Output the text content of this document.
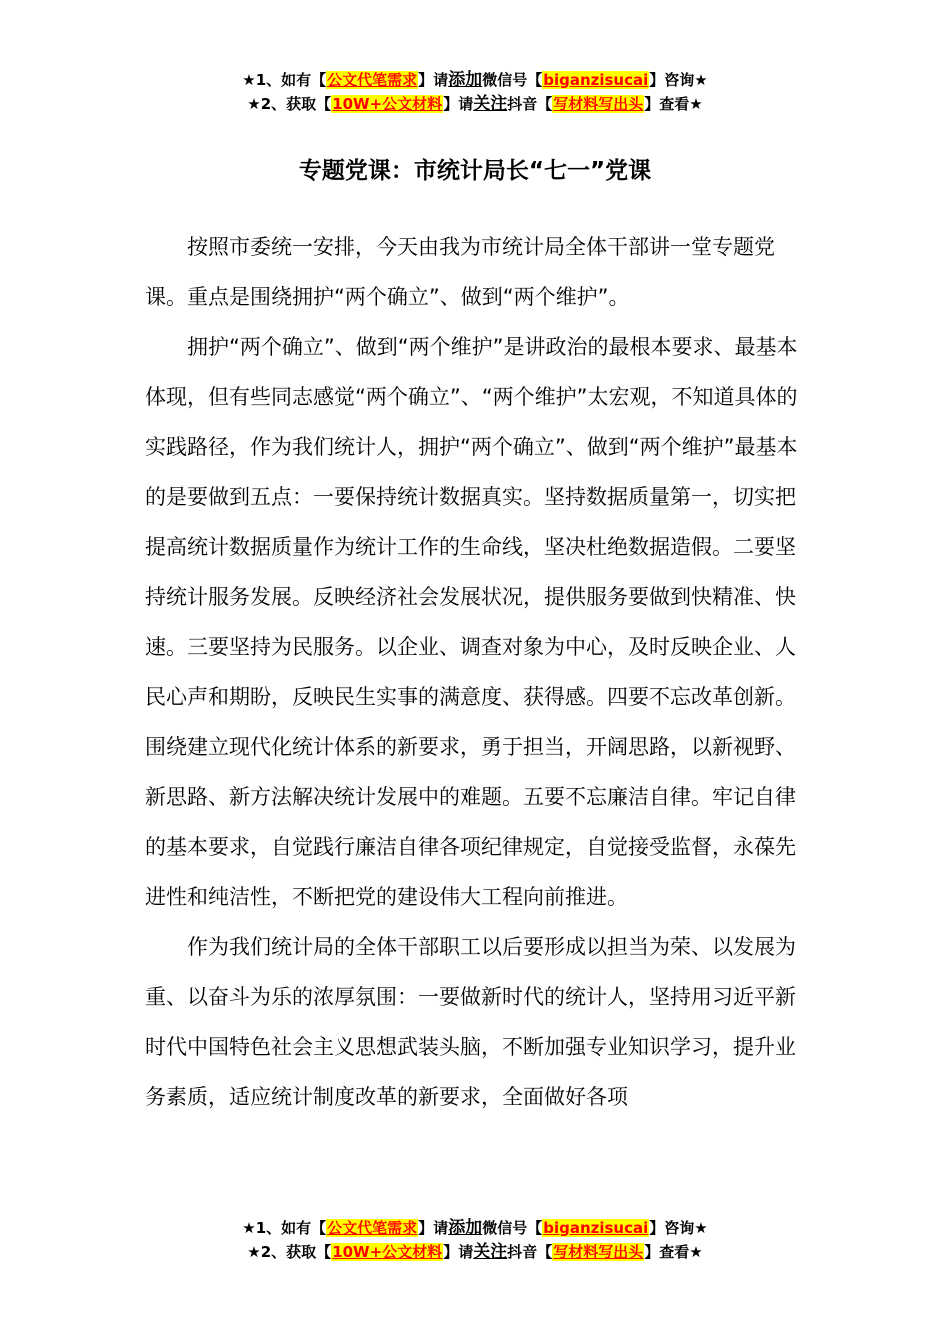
★1、如有【公文代笔需求】请添加微信号【biganzisucai】咨询★
★2、获取【10W+公文材料】请关注抖音【写材料写出头】查看★
专题党课：市统计局长“七一”党课

按照市委统一安排，今天由我为市统计局全体干部讲一堂专题党课。重点是围绕拥护“两个确立”、做到“两个维护”。

拥护“两个确立”、做到“两个维护”是讲政治的最根本要求、最基本体现，但有些同志感觉“两个确立”、“两个维护”太宏观，不知道具体的实践路径，作为我们统计人，拥护“两个确立”、做到“两个维护”最基本的是要做到五点：一要保持统计数据真实。坚持数据质量第一，切实把提高统计数据质量作为统计工作的生命线，坚决杜绝数据造假。二要坚持统计服务发展。反映经济社会发展状况，提供服务要做到快精准、快速。三要坚持为民服务。以企业、调查对象为中心，及时反映企业、人民心声和期盼，反映民生实事的满意度、获得感。四要不忘改革创新。围绕建立现代化统计体系的新要求，勇于担当，开阔思路，以新视野、新思路、新方法解决统计发展中的难题。五要不忘廉洁自律。牢记自律的基本要求，自觉践行廉洁自律各项纪律规定，自觉接受监督，永葆先进性和纯洁性，不断把党的建设伟大工程向前推进。

作为我们统计局的全体干部职工以后要形成以担当为荣、以发展为重、以奋斗为乐的浓厚氛围：一要做新时代的统计人，坚持用习近平新时代中国特色社会主义思想武装头脑，不断加强专业知识学习，提升业务素质，适应统计制度改革的新要求，全面做好各项

★1、如有【公文代笔需求】请添加微信号【biganzisucai】咨询★
★2、获取【10W+公文材料】请关注抖音【写材料写出头】查看★
